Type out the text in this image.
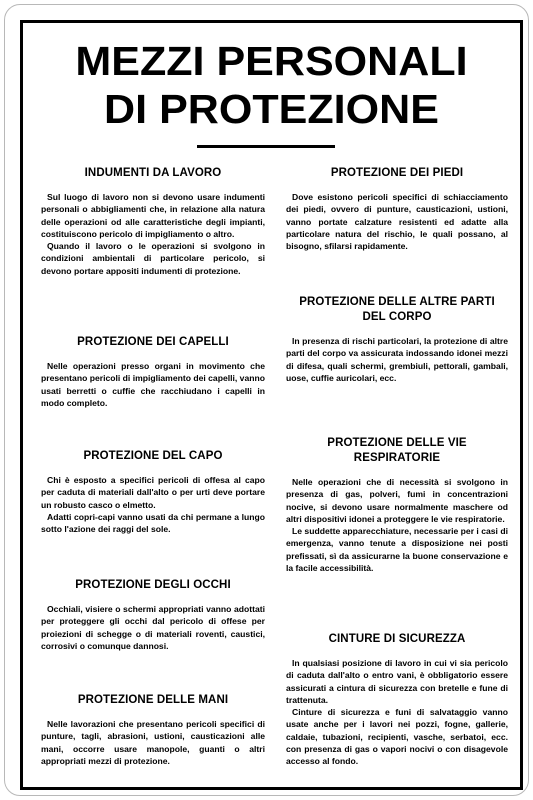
MEZZI PERSONALI
DI PROTEZIONE
INDUMENTI DA LAVORO

Sul luogo di lavoro non si devono usare indumenti personali o abbigliamenti che, in relazione alla natura delle operazioni od alle caratteristiche degli impianti, costituiscono pericolo di impigliamento o altro.

Quando il lavoro o le operazioni si svolgono in condizioni ambientali di particolare pericolo, si devono portare appositi indumenti di protezione.

PROTEZIONE DEI CAPELLI

Nelle operazioni presso organi in movimento che presentano pericoli di impigliamento dei capelli, vanno usati berretti o cuffie che racchiudano i capelli in modo completo.

PROTEZIONE DEL CAPO

Chi è esposto a specifici pericoli di offesa al capo per caduta di materiali dall'alto o per urti deve portare un robusto casco o elmetto.

Adatti copri-capi vanno usati da chi permane a lungo sotto l'azione dei raggi del sole.

PROTEZIONE DEGLI OCCHI

Occhiali, visiere o schermi appropriati vanno adottati per proteggere gli occhi dal pericolo di offese per proiezioni di schegge o di materiali roventi, caustici, corrosivi o comunque dannosi.

PROTEZIONE DELLE MANI

Nelle lavorazioni che presentano pericoli specifici di punture, tagli, abrasioni, ustioni, causticazioni alle mani, occorre usare manopole, guanti o altri appropriati mezzi di protezione.

PROTEZIONE DEI PIEDI

Dove esistono pericoli specifici di schiacciamento dei piedi, ovvero di punture, causticazioni, ustioni, vanno portate calzature resistenti ed adatte alla particolare natura del rischio, le quali possano, al bisogno, sfilarsi rapidamente.

PROTEZIONE DELLE ALTRE PARTI DEL CORPO

In presenza di rischi particolari, la protezione di altre parti del corpo va assicurata indossando idonei mezzi di difesa, quali schermi, grembiuli, pettorali, gambali, uose, cuffie auricolari, ecc.

PROTEZIONE DELLE VIE RESPIRATORIE

Nelle operazioni che di necessità si svolgono in presenza di gas, polveri, fumi in concentrazioni nocive, si devono usare normalmente maschere od altri dispositivi idonei a proteggere le vie respiratorie.

Le suddette apparecchiature, necessarie per i casi di emergenza, vanno tenute a disposizione nei posti prefissati, sì da assicurarne la buone conservazione e la facile accessibilità.

CINTURE DI SICUREZZA

In qualsiasi posizione di lavoro in cui vi sia pericolo di caduta dall'alto o entro vani, è obbligatorio essere assicurati a cintura di sicurezza con bretelle e fune di trattenuta.

Cinture di sicurezza e funi di salvataggio vanno usate anche per i lavori nei pozzi, fogne, gallerie, caldaie, tubazioni, recipienti, vasche, serbatoi, ecc. con presenza di gas o vapori nocivi o con disagevole accesso al fondo.
